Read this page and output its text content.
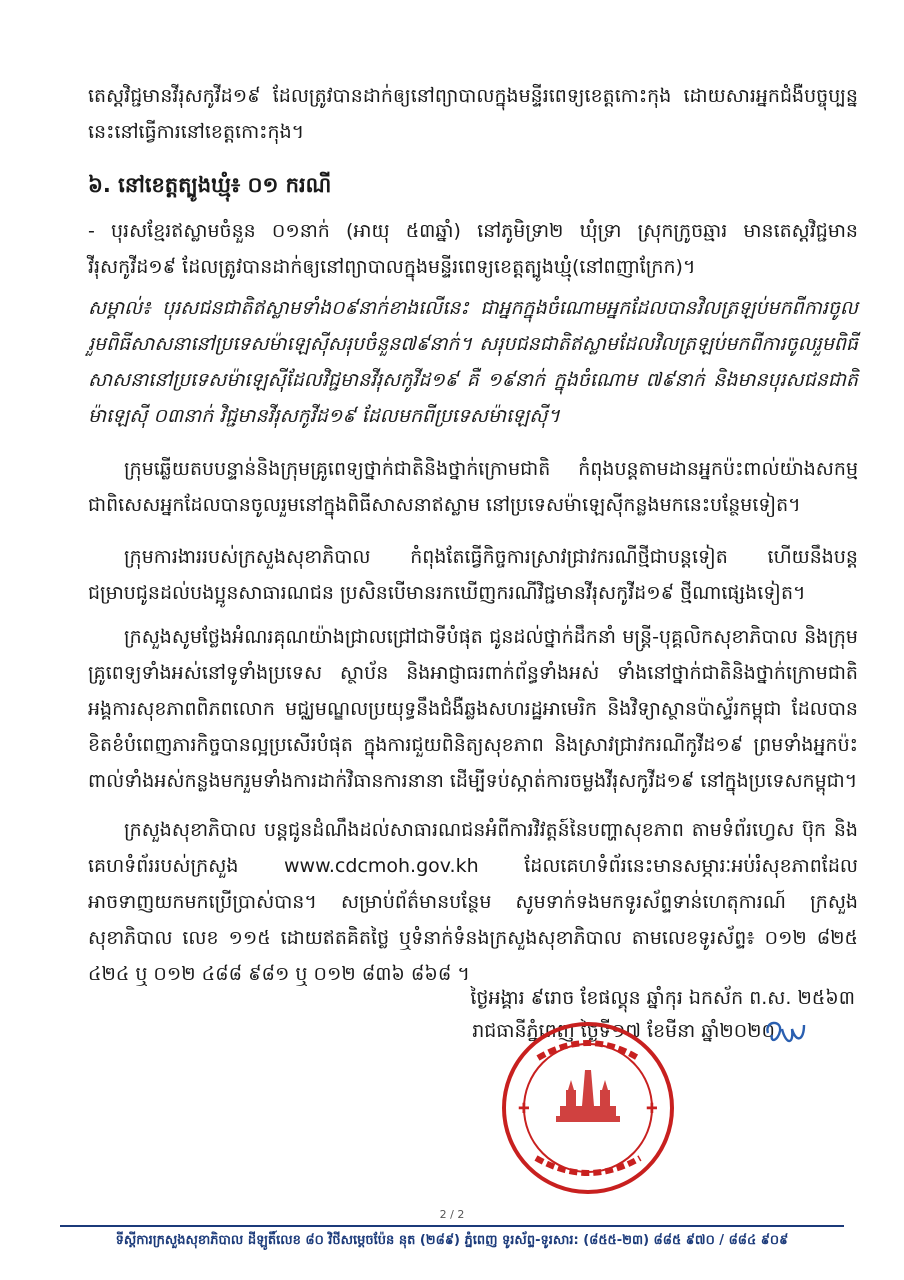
តេស្តវិជ្ជមានវីរុសកូវីដ១៩ ដែលត្រូវបានដាក់ឲ្យនៅព្យាបាលក្នុងមន្ទីរពេទ្យខេត្តកោះកុង ដោយសារអ្នកជំងឺបច្ចុប្បន្ននេះនៅធ្វើការនៅខេត្តកោះកុង។

៦. នៅខេត្តត្បូងឃ្មុំ៖ ០១ ករណី

- បុរសខ្មែរឥស្លាមចំនួន ០១នាក់ (អាយុ ៥៣ឆ្នាំ) នៅភូមិទ្រា២ ឃុំទ្រា ស្រុកក្រូចឆ្មារ មានតេស្តវិជ្ជមានវីរុសកូវីដ១៩ ដែលត្រូវបានដាក់ឲ្យនៅព្យាបាលក្នុងមន្ទីរពេទ្យខេត្តត្បូងឃ្មុំ(នៅពញាក្រែក)។

សម្គាល់៖ បុរសជនជាតិឥស្លាមទាំង០៩នាក់ខាងលើនេះ ជាអ្នកក្នុងចំណោមអ្នកដែលបានវិលត្រឡប់មកពីការចូលរួមពិធីសាសនានៅប្រទេសម៉ាឡេស៊ីសរុបចំនួន៧៩នាក់។ សរុបជនជាតិឥស្លាមដែលវិលត្រឡប់មកពីការចូលរួមពិធីសាសនានៅប្រទេសម៉ាឡេស៊ីដែលវិជ្ជមានវីរុសកូវីដ១៩ គឺ ១៩នាក់ ក្នុងចំណោម ៧៩នាក់ និងមានបុរសជនជាតិម៉ាឡេស៊ី ០៣នាក់ វិជ្ជមានវីរុសកូវីដ១៩ ដែលមកពីប្រទេសម៉ាឡេស៊ី។

ក្រុមឆ្លើយតបបន្ទាន់និងក្រុមគ្រូពេទ្យថ្នាក់ជាតិនិងថ្នាក់ក្រោមជាតិ កំពុងបន្តតាមដានអ្នកប៉ះពាល់យ៉ាងសកម្ម ជាពិសេសអ្នកដែលបានចូលរួមនៅក្នុងពិធីសាសនាឥស្លាម នៅប្រទេសម៉ាឡេស៊ីកន្លងមកនេះបន្ថែមទៀត។

ក្រុមការងាររបស់ក្រសួងសុខាភិបាល កំពុងតែធ្វើកិច្ចការស្រាវជ្រាវករណីថ្មីជាបន្តទៀត ហើយនឹងបន្តជម្រាបជូនដល់បងប្អូនសាធារណជន ប្រសិនបើមានរកឃើញករណីវិជ្ជមានវីរុសកូវីដ១៩ ថ្មីណាផ្សេងទៀត។

ក្រសួងសូមថ្លែងអំណរគុណយ៉ាងជ្រាលជ្រៅជាទីបំផុត ជូនដល់ថ្នាក់ដឹកនាំ មន្ត្រី-បុគ្គលិកសុខាភិបាល និងក្រុមគ្រូពេទ្យទាំងអស់នៅទូទាំងប្រទេស ស្ថាប័ន និងអាជ្ញាធរពាក់ព័ន្ធទាំងអស់ ទាំងនៅថ្នាក់ជាតិនិងថ្នាក់ក្រោមជាតិ អង្គការសុខភាពពិភពលោក មជ្ឈមណ្ឌលប្រយុទ្ធនឹងជំងឺឆ្លងសហរដ្ឋអាមេរិក និងវិទ្យាស្ថានប៉ាស្ទ័រកម្ពុជា ដែលបានខិតខំបំពេញភារកិច្ចបានល្អប្រសើរបំផុត ក្នុងការជួយពិនិត្យសុខភាព និងស្រាវជ្រាវករណីកូវីដ១៩ ព្រមទាំងអ្នកប៉ះពាល់ទាំងអស់កន្លងមករួមទាំងការដាក់វិធានការនានា ដើម្បីទប់ស្កាត់ការចម្លងវីរុសកូវីដ១៩ នៅក្នុងប្រទេសកម្ពុជា។

ក្រសួងសុខាភិបាល បន្តជូនដំណឹងដល់សាធារណជនអំពីការវិវត្តន៍នៃបញ្ហាសុខភាព តាមទំព័រហ្វេស ប៊ុក និងគេហទំព័ររបស់ក្រសួង www.cdcmoh.gov.kh ដែលគេហទំព័រនេះមានសម្ភារៈអប់រំសុខភាពដែលអាចទាញយកមកប្រើប្រាស់បាន។ សម្រាប់ព័ត៌មានបន្ថែម សូមទាក់ទងមកទូរស័ព្ទទាន់ហេតុការណ៍ ក្រសួងសុខាភិបាល លេខ ១១៥ ដោយឥតគិតថ្លៃ ឬទំនាក់ទំនងក្រសួងសុខាភិបាល តាមលេខទូរស័ព្ទ៖ ០១២ ៨២៥ ៤២៤ ឬ ០១២ ៤៨៨ ៩៨១ ឬ ០១២ ៨៣៦ ៨៦៨ ។

ថ្ងៃអង្គារ ៩រោច ខែផល្គុន ឆ្នាំកុរ ឯកស័ក ព.ស. ២៥៦៣

រាជធានីភ្នំពេញ ថ្ងៃទី១៧ ខែមីនា ឆ្នាំ២០២០

✚	✚
2 / 2
ទីស្តីការក្រសួងសុខាភិបាល ដីឡូតិ៍លេខ ៨០ វិថីសម្តេចប៉ែន នុត (២៨៩) ភ្នំពេញ ទូរស័ព្ទ-ទូរសារ: (៨៥៥-២៣) ៨៨៥ ៩៧០ / ៨៨៤ ៩០៩
